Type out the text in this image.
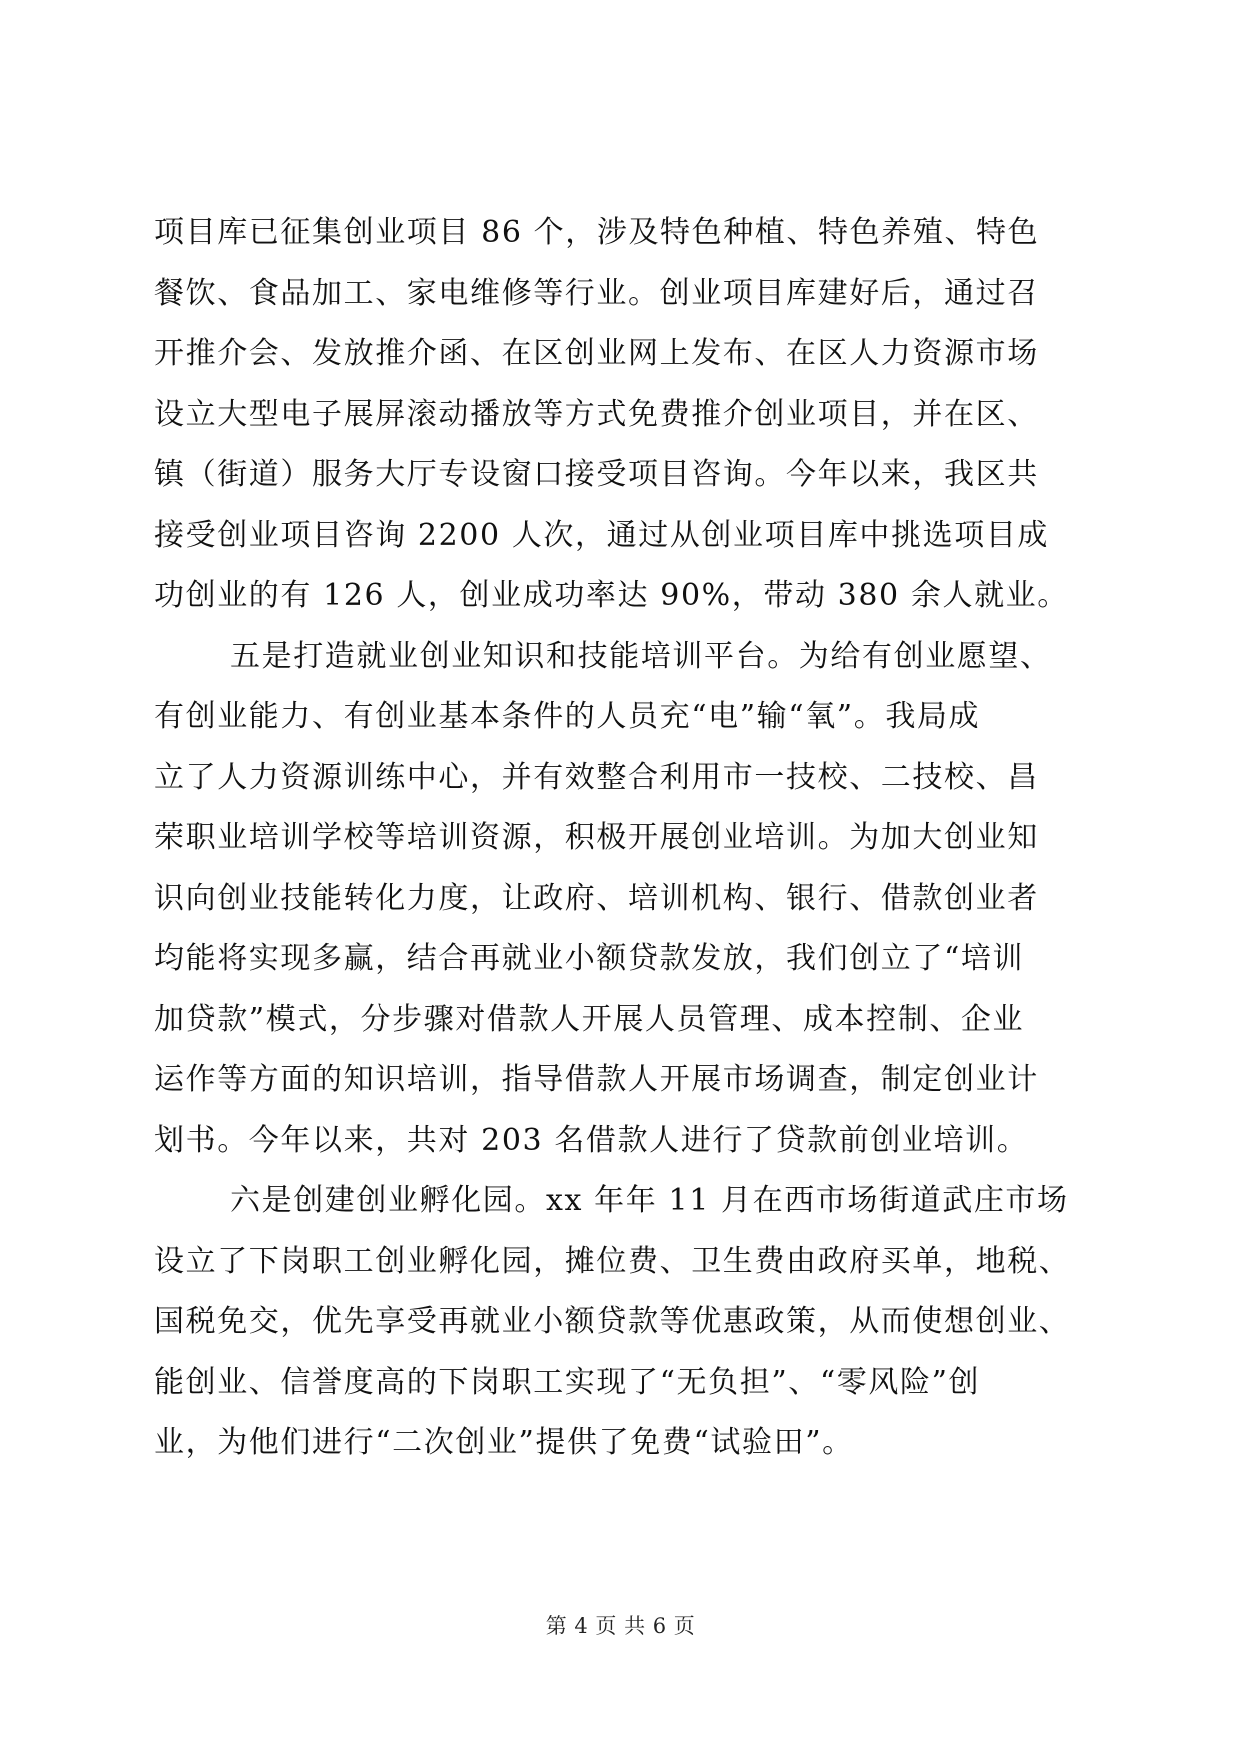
项目库已征集创业项目 86 个，涉及特色种植、特色养殖、特色
餐饮、食品加工、家电维修等行业。创业项目库建好后，通过召
开推介会、发放推介函、在区创业网上发布、在区人力资源市场
设立大型电子展屏滚动播放等方式免费推介创业项目，并在区、
镇（街道）服务大厅专设窗口接受项目咨询。今年以来，我区共
接受创业项目咨询 2200 人次，通过从创业项目库中挑选项目成
功创业的有 126 人，创业成功率达 90%，带动 380 余人就业。
五是打造就业创业知识和技能培训平台。为给有创业愿望、
有创业能力、有创业基本条件的人员充“电”输“氧”。我局成
立了人力资源训练中心，并有效整合利用市一技校、二技校、昌
荣职业培训学校等培训资源，积极开展创业培训。为加大创业知
识向创业技能转化力度，让政府、培训机构、银行、借款创业者
均能将实现多赢，结合再就业小额贷款发放，我们创立了“培训
加贷款”模式，分步骤对借款人开展人员管理、成本控制、企业
运作等方面的知识培训，指导借款人开展市场调查，制定创业计
划书。今年以来，共对 203 名借款人进行了贷款前创业培训。
六是创建创业孵化园。xx 年年 11 月在西市场街道武庄市场
设立了下岗职工创业孵化园，摊位费、卫生费由政府买单，地税、
国税免交，优先享受再就业小额贷款等优惠政策，从而使想创业、
能创业、信誉度高的下岗职工实现了“无负担”、“零风险”创
业，为他们进行“二次创业”提供了免费“试验田”。
第 4 页 共 6 页
